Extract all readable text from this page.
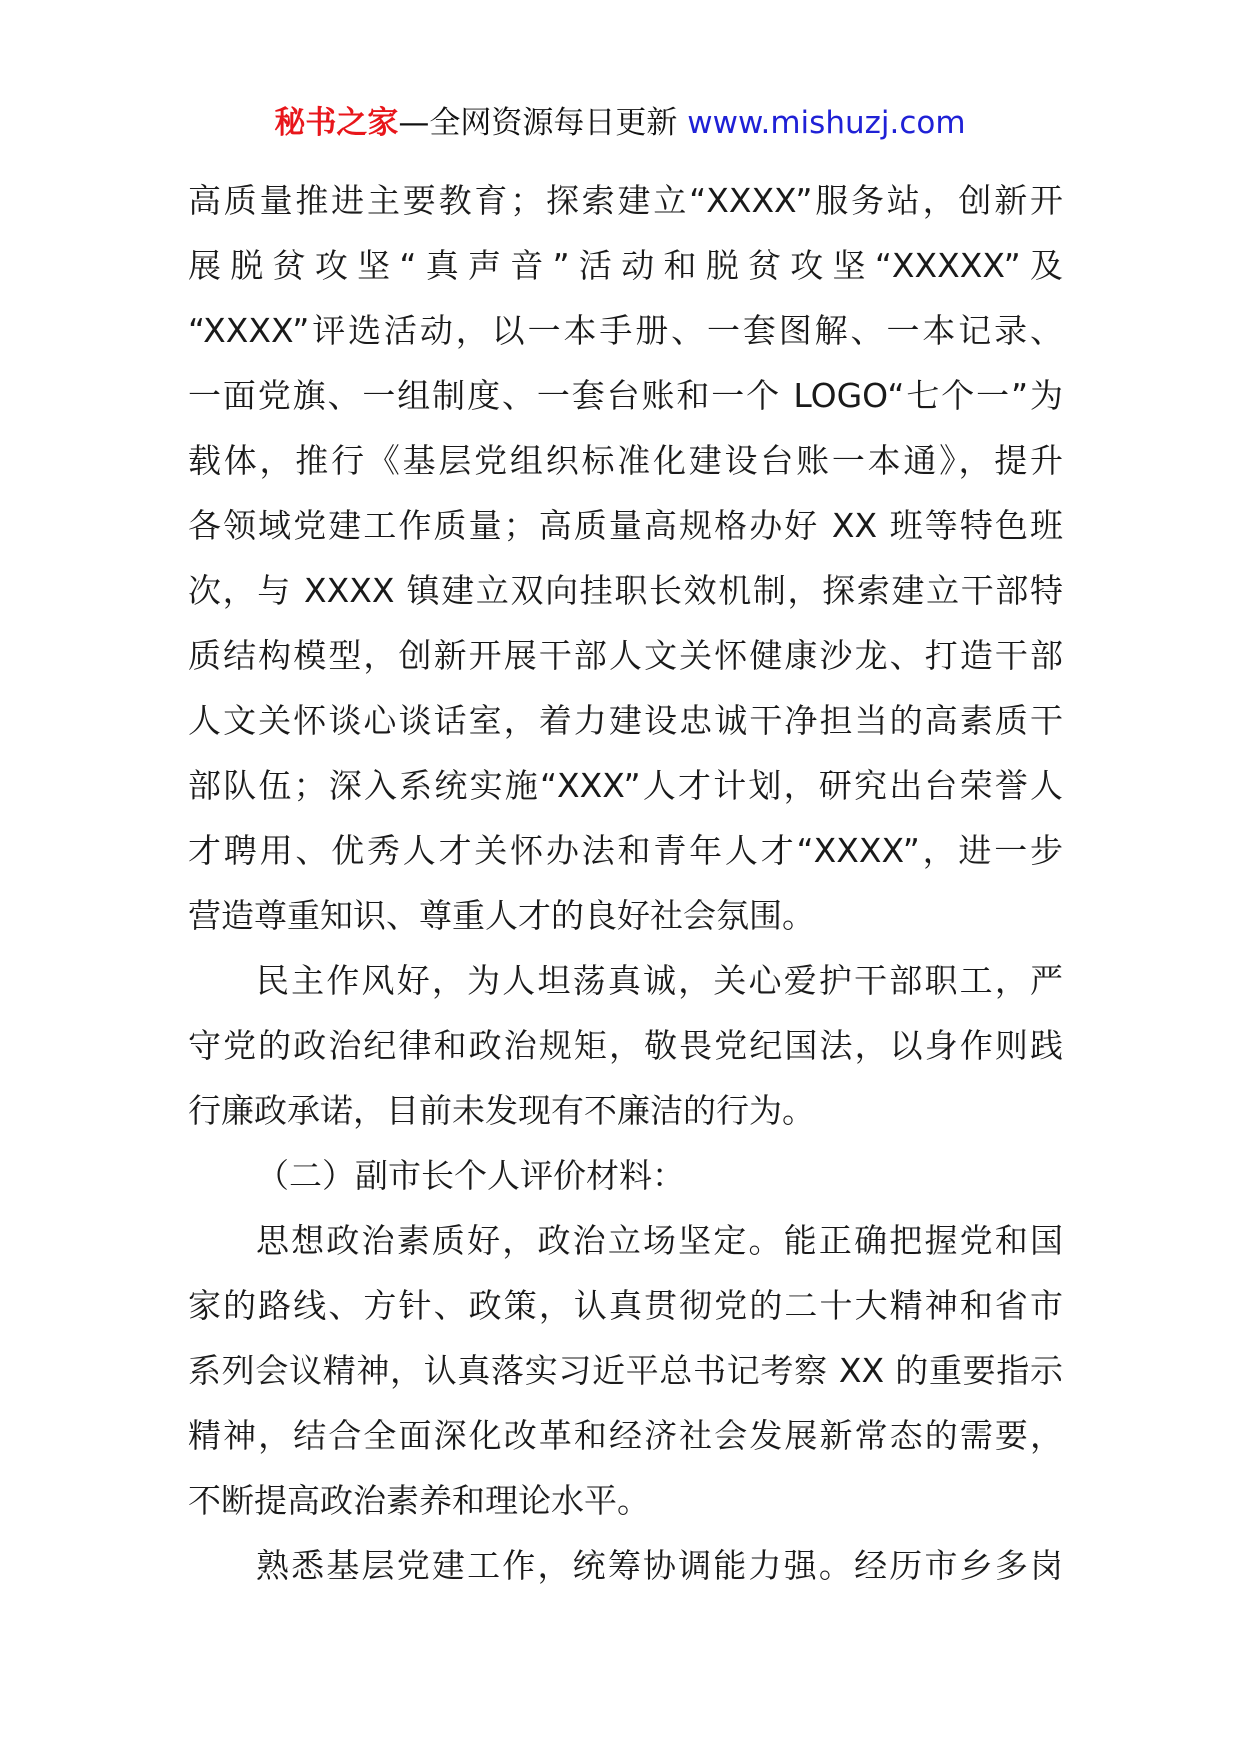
秘书之家—全网资源每日更新 www.mishuzj.com
高质量推进主要教育；探索建立“XXXX”服务站，创新开
展脱贫攻坚“真声音”活动和脱贫攻坚“XXXXX”及
“XXXX”评选活动，以一本手册、一套图解、一本记录、
一面党旗、一组制度、一套台账和一个 LOGO“七个一”为
载体，推行《基层党组织标准化建设台账一本通》，提升
各领域党建工作质量；高质量高规格办好 XX 班等特色班
次，与 XXXX 镇建立双向挂职长效机制，探索建立干部特
质结构模型，创新开展干部人文关怀健康沙龙、打造干部
人文关怀谈心谈话室，着力建设忠诚干净担当的高素质干
部队伍；深入系统实施“XXX”人才计划，研究出台荣誉人
才聘用、优秀人才关怀办法和青年人才“XXXX”，进一步
营造尊重知识、尊重人才的良好社会氛围。
民主作风好，为人坦荡真诚，关心爱护干部职工，严
守党的政治纪律和政治规矩，敬畏党纪国法，以身作则践
行廉政承诺，目前未发现有不廉洁的行为。
（二）副市长个人评价材料：
思想政治素质好，政治立场坚定。能正确把握党和国
家的路线、方针、政策，认真贯彻党的二十大精神和省市
系列会议精神，认真落实习近平总书记考察 XX 的重要指示
精神，结合全面深化改革和经济社会发展新常态的需要，
不断提高政治素养和理论水平。
熟悉基层党建工作，统筹协调能力强。经历市乡多岗
